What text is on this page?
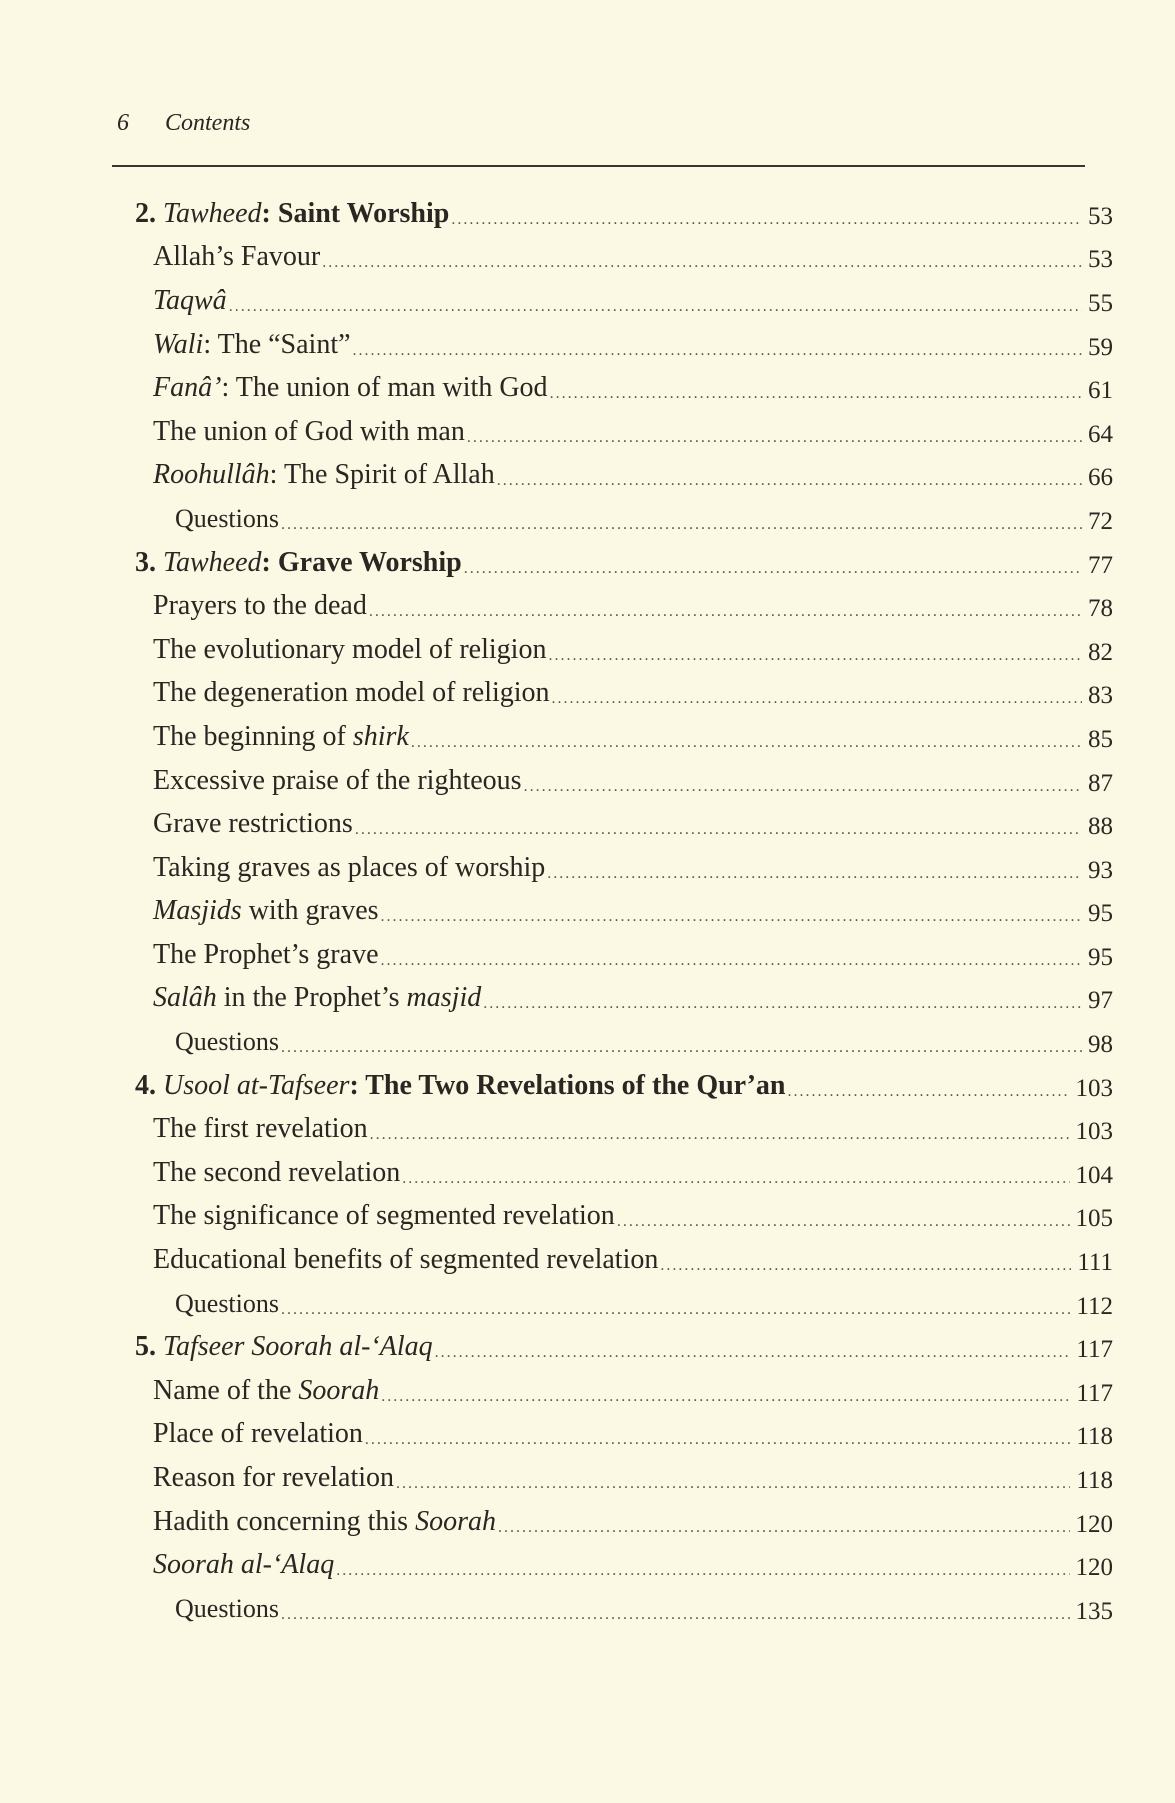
6 Contents
2. Tawheed: Saint Worship .....	53
Allah’s Favour .....	53
Taqwâ .....	55
Wali: The “Saint” .....	59
Fanâ’: The union of man with God .....	61
The union of God with man .....	64
Roohullâh: The Spirit of Allah .....	66
Questions .....	72
3. Tawheed: Grave Worship .....	77
Prayers to the dead .....	78
The evolutionary model of religion .....	82
The degeneration model of religion .....	83
The beginning of shirk .....	85
Excessive praise of the righteous .....	87
Grave restrictions .....	88
Taking graves as places of worship .....	93
Masjids with graves .....	95
The Prophet’s grave .....	95
Salâh in the Prophet’s masjid .....	97
Questions .....	98
4. Usool at-Tafseer: The Two Revelations of the Qur’an .....	103
The first revelation .....	103
The second revelation .....	104
The significance of segmented revelation .....	105
Educational benefits of segmented revelation .....	111
Questions .....	112
5. Tafseer Soorah al-‘Alaq .....	117
Name of the Soorah .....	117
Place of revelation .....	118
Reason for revelation .....	118
Hadith concerning this Soorah .....	120
Soorah al-‘Alaq .....	120
Questions .....	135
